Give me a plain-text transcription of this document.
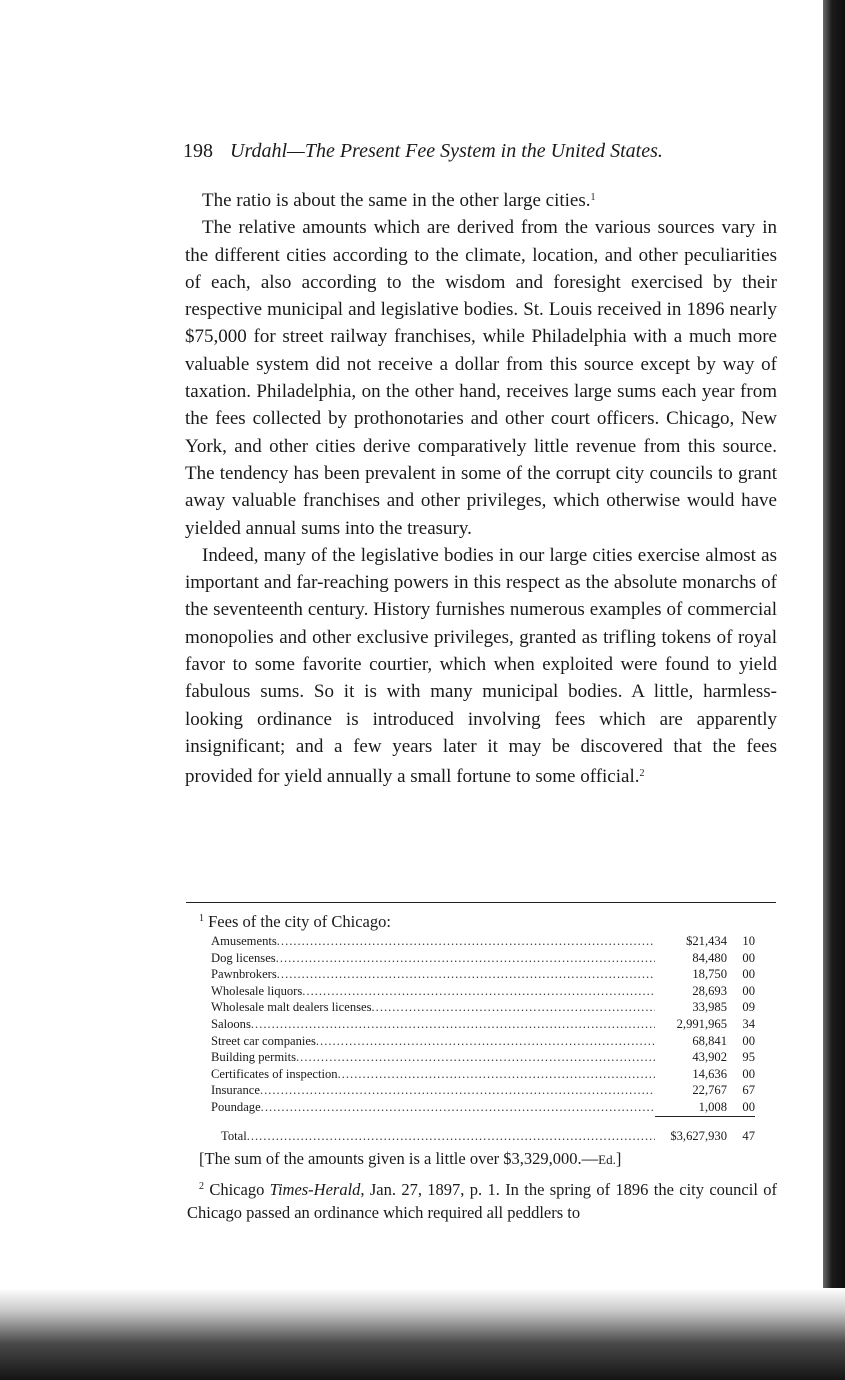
198 Urdahl—The Present Fee System in the United States.

The ratio is about the same in the other large cities.$^1$

The relative amounts which are derived from the various sources vary in the different cities according to the climate, location, and other peculiarities of each, also according to the wisdom and foresight exercised by their respective municipal and legislative bodies. St. Louis received in 1896 nearly $75,000 for street railway franchises, while Philadelphia with a much more valuable system did not receive a dollar from this source except by way of taxation. Philadelphia, on the other hand, receives large sums each year from the fees collected by prothonotaries and other court officers. Chicago, New York, and other cities derive comparatively little revenue from this source. The tendency has been prevalent in some of the corrupt city councils to grant away valuable franchises and other privileges, which otherwise would have yielded annual sums into the treasury.

Indeed, many of the legislative bodies in our large cities exercise almost as important and far-reaching powers in this respect as the absolute monarchs of the seventeenth century. History furnishes numerous examples of commercial monopolies and other exclusive privileges, granted as trifling tokens of royal favor to some favorite courtier, which when exploited were found to yield fabulous sums. So it is with many municipal bodies. A little, harmless-looking ordinance is introduced involving fees which are apparently insignificant; and a few years later it may be discovered that the fees provided for yield annually a small fortune to some official.$^2$

$^1$ Fees of the city of Chicago:
Amusements .....	$21,434	10
Dog licenses .....	84,480	00
Pawnbrokers .....	18,750	00
Wholesale liquors .....	28,693	00
Wholesale malt dealers licenses .....	33,985	09
Saloons .....	2,991,965	34
Street car companies .....	68,841	00
Building permits .....	43,902	95
Certificates of inspection .....	14,636	00
Insurance .....	22,767	67
Poundage .....	1,008	00
Total .....	$3,627,930	47
[The sum of the amounts given is a little over $3,329,000.—Ed.]
$^2$ Chicago Times-Herald, Jan. 27, 1897, p. 1. In the spring of 1896 the city council of Chicago passed an ordinance which required all peddlers to
